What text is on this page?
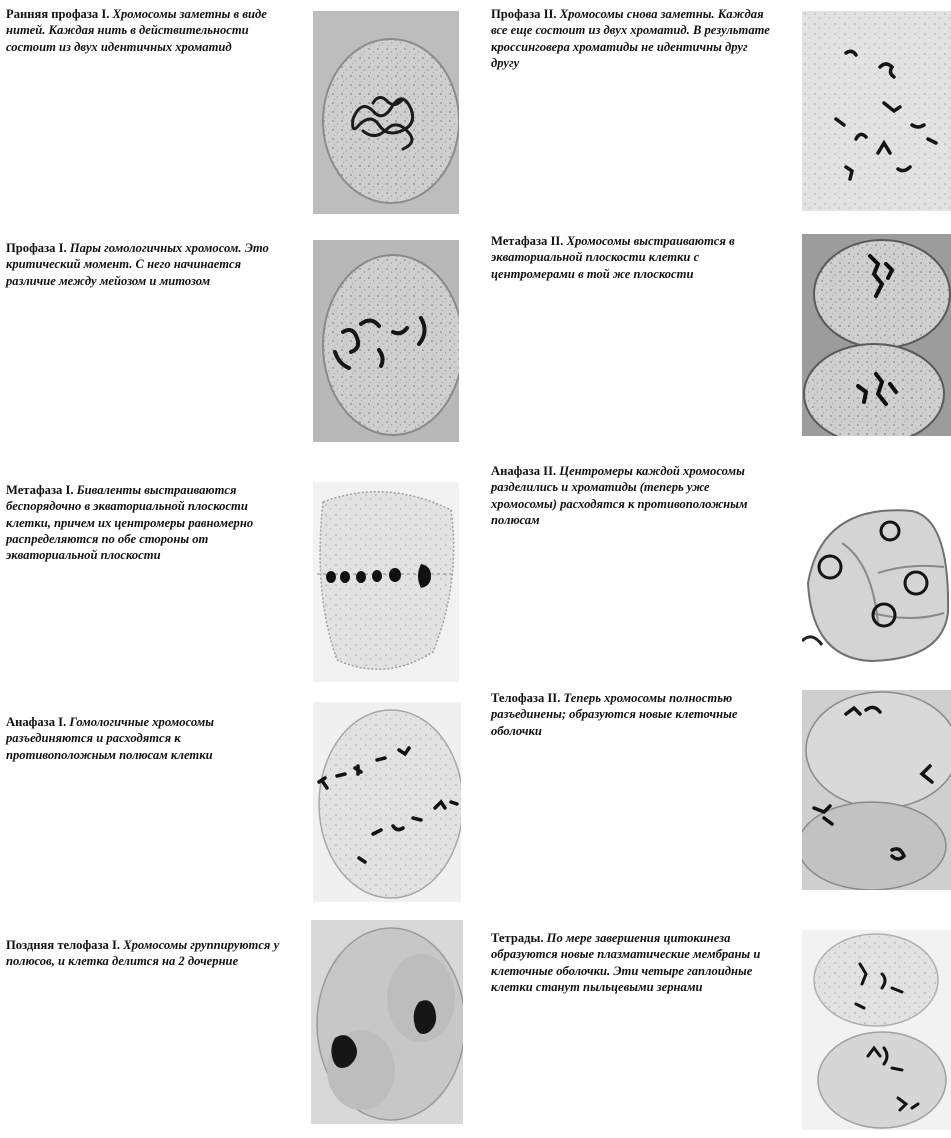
Ранняя профаза I. Хромосомы заметны в виде нитей. Каждая нить в действительности состоит из двух идентичных хроматид
Профаза I. Пары гомологичных хромосом. Это критический момент. С него начинается различие между мейозом и митозом
Метафаза I. Биваленты выстраиваются беспорядочно в экваториальной плоскости клетки, причем их центромеры равномерно распределяются по обе стороны от экваториальной плоскости
Анафаза I. Гомологичные хромосомы разъединяются и расходятся к противоположным полюсам клетки
Поздняя телофаза I. Хромосомы группируются у полюсов, и клетка делится на 2 дочерние
Профаза II. Хромосомы снова заметны. Каждая все еще состоит из двух хроматид. В результате кроссинговера хроматиды не идентичны друг другу
Метафаза II. Хромосомы выстраиваются в экваториальной плоскости клетки с центромерами в той же плоскости
Анафаза II. Центромеры каждой хромосомы разделились и хроматиды (теперь уже хромосомы) расходятся к противоположным полюсам
Телофаза II. Теперь хромосомы полностью разъединены; образуются новые клеточные оболочки
Тетрады. По мере завершения цитокинеза образуются новые плазматические мембраны и клеточные оболочки. Эти четыре гаплоидные клетки станут пыльцевыми зернами
